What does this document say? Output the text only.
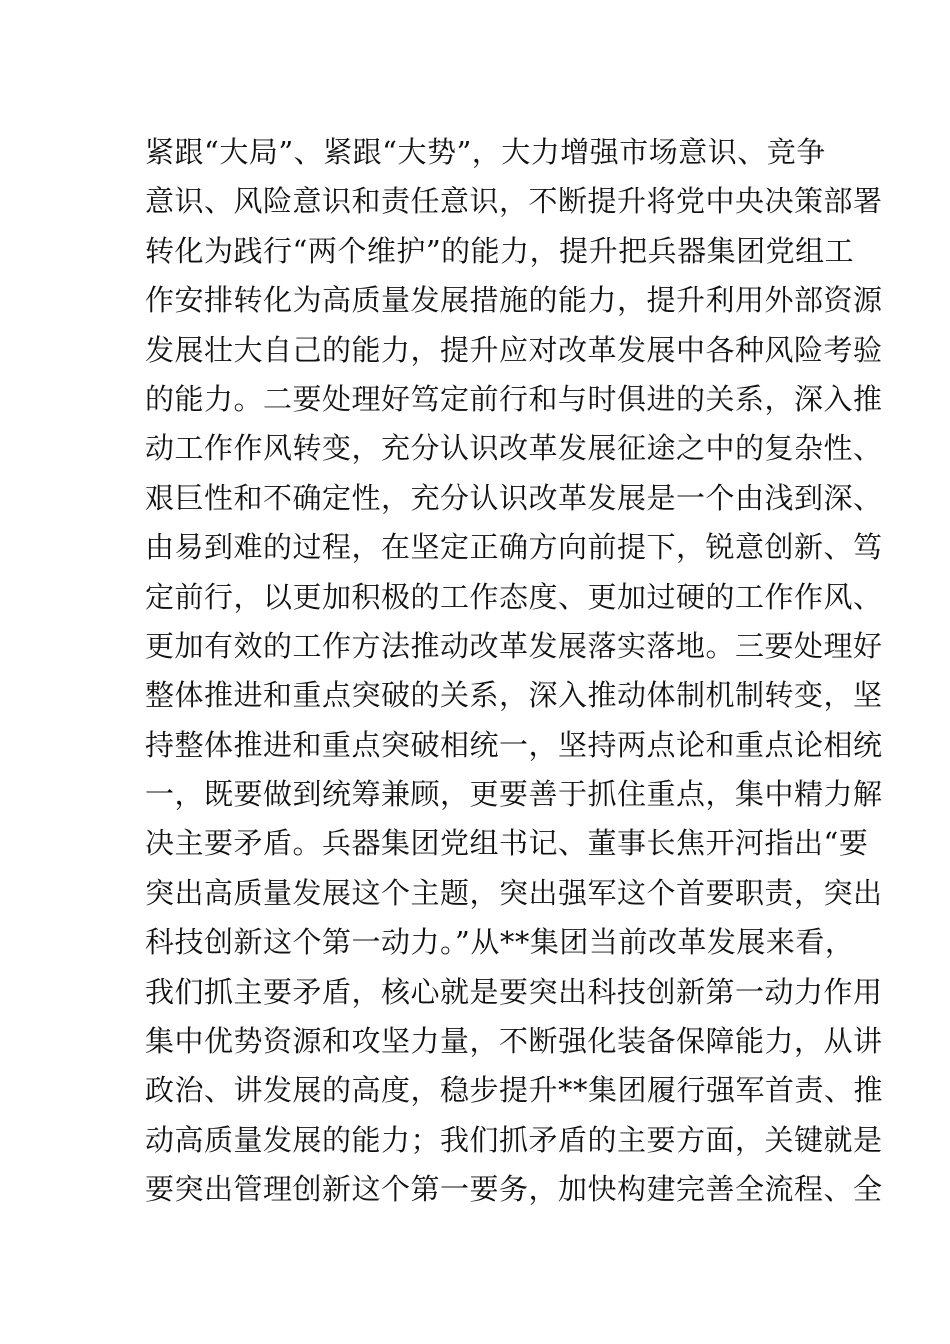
紧跟“大局”、紧跟“大势”，大力增强市场意识、竞争
意识、风险意识和责任意识，不断提升将党中央决策部署
转化为践行“两个维护”的能力，提升把兵器集团党组工
作安排转化为高质量发展措施的能力，提升利用外部资源
发展壮大自己的能力，提升应对改革发展中各种风险考验
的能力。二要处理好笃定前行和与时俱进的关系，深入推
动工作作风转变，充分认识改革发展征途之中的复杂性、
艰巨性和不确定性，充分认识改革发展是一个由浅到深、
由易到难的过程，在坚定正确方向前提下，锐意创新、笃
定前行，以更加积极的工作态度、更加过硬的工作作风、
更加有效的工作方法推动改革发展落实落地。三要处理好
整体推进和重点突破的关系，深入推动体制机制转变，坚
持整体推进和重点突破相统一，坚持两点论和重点论相统
一，既要做到统筹兼顾，更要善于抓住重点，集中精力解
决主要矛盾。兵器集团党组书记、董事长焦开河指出“要
突出高质量发展这个主题，突出强军这个首要职责，突出
科技创新这个第一动力。”从**集团当前改革发展来看，
我们抓主要矛盾，核心就是要突出科技创新第一动力作用
集中优势资源和攻坚力量，不断强化装备保障能力，从讲
政治、讲发展的高度，稳步提升**集团履行强军首责、推
动高质量发展的能力；我们抓矛盾的主要方面，关键就是
要突出管理创新这个第一要务，加快构建完善全流程、全
